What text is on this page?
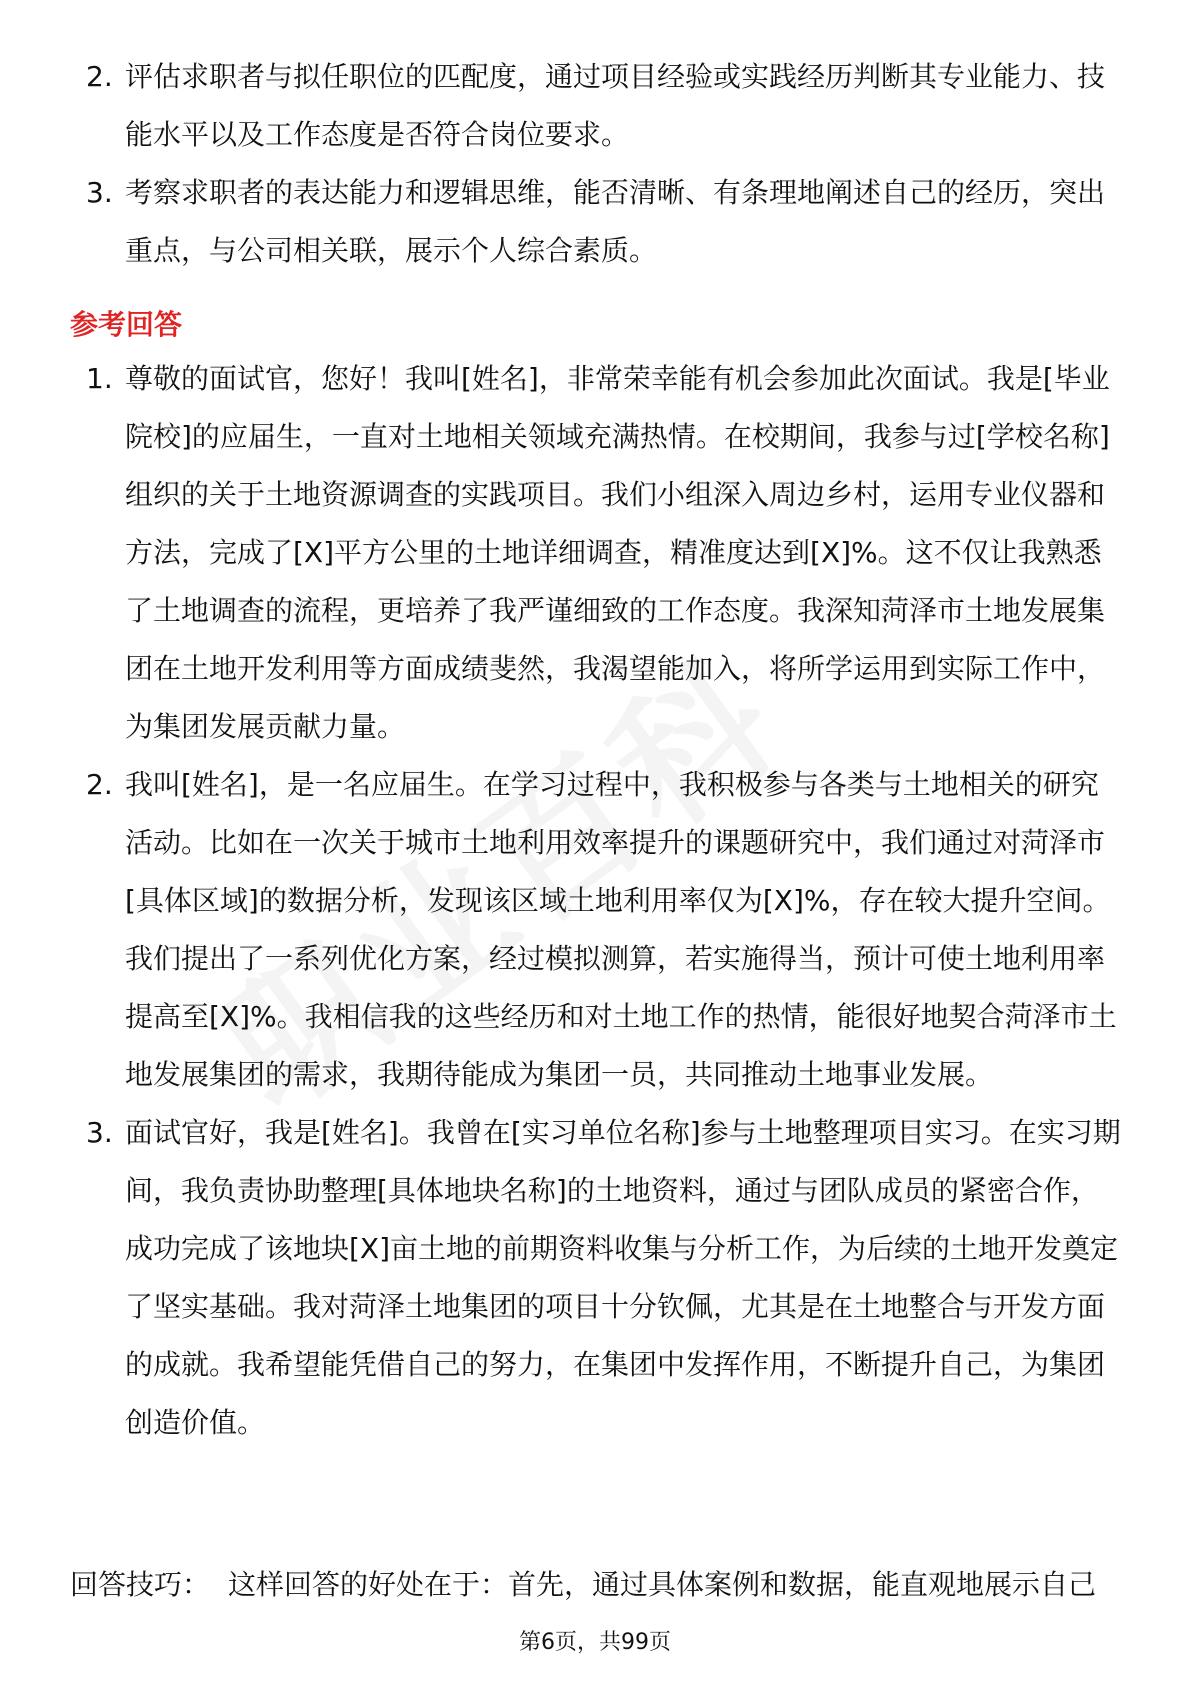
2. 评估求职者与拟任职位的匹配度，通过项目经验或实践经历判断其专业能力、技能水平以及工作态度是否符合岗位要求。
3. 考察求职者的表达能力和逻辑思维，能否清晰、有条理地阐述自己的经历，突出重点，与公司相关联，展示个人综合素质。
参考回答
1. 尊敬的面试官，您好！我叫[姓名]，非常荣幸能有机会参加此次面试。我是[毕业院校]的应届生，一直对土地相关领域充满热情。在校期间，我参与过[学校名称]组织的关于土地资源调查的实践项目。我们小组深入周边乡村，运用专业仪器和方法，完成了[X]平方公里的土地详细调查，精准度达到[X]%。这不仅让我熟悉了土地调查的流程，更培养了我严谨细致的工作态度。我深知菏泽市土地发展集团在土地开发利用等方面成绩斐然，我渴望能加入，将所学运用到实际工作中，为集团发展贡献力量。
2. 我叫[姓名]，是一名应届生。在学习过程中，我积极参与各类与土地相关的研究活动。比如在一次关于城市土地利用效率提升的课题研究中，我们通过对菏泽市[具体区域]的数据分析，发现该区域土地利用率仅为[X]%，存在较大提升空间。我们提出了一系列优化方案，经过模拟测算，若实施得当，预计可使土地利用率提高至[X]%。我相信我的这些经历和对土地工作的热情，能很好地契合菏泽市土地发展集团的需求，我期待能成为集团一员，共同推动土地事业发展。
3. 面试官好，我是[姓名]。我曾在[实习单位名称]参与土地整理项目实习。在实习期间，我负责协助整理[具体地块名称]的土地资料，通过与团队成员的紧密合作，成功完成了该地块[X]亩土地的前期资料收集与分析工作，为后续的土地开发奠定了坚实基础。我对菏泽土地集团的项目十分钦佩，尤其是在土地整合与开发方面的成就。我希望能凭借自己的努力，在集团中发挥作用，不断提升自己，为集团创造价值。
回答技巧： 这样回答的好处在于：首先，通过具体案例和数据，能直观地展示自己
第6页，共99页
